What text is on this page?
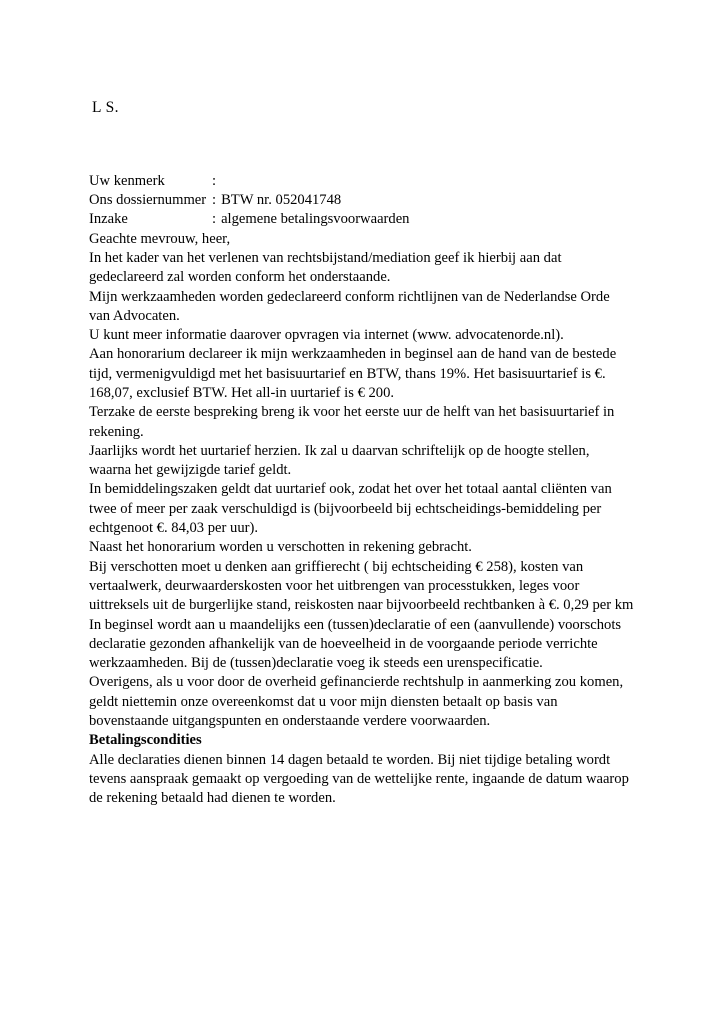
L S.
Uw kenmerk	:
Ons dossiernummer : BTW nr. 052041748
Inzake	: algemene betalingsvoorwaarden

Geachte mevrouw, heer,

In het kader van het verlenen van rechtsbijstand/mediation geef ik hierbij aan dat gedeclareerd zal worden conform het onderstaande.

Mijn werkzaamheden worden gedeclareerd conform richtlijnen van de Nederlandse Orde van Advocaten.
U kunt meer informatie daarover opvragen via internet (www. advocatenorde.nl).

Aan honorarium declareer ik mijn werkzaamheden in beginsel aan de hand van de bestede tijd, vermenigvuldigd met het basisuurtarief en BTW, thans 19%. Het basisuurtarief is €. 168,07, exclusief BTW. Het all-in uurtarief is € 200.
Terzake de eerste bespreking breng ik voor het eerste uur de helft van het basisuurtarief in rekening.

Jaarlijks wordt het uurtarief herzien. Ik zal u daarvan schriftelijk op de hoogte stellen, waarna het gewijzigde tarief geldt.
In bemiddelingszaken geldt dat uurtarief ook, zodat het over het totaal aantal cliënten van twee of meer per zaak verschuldigd is (bijvoorbeeld bij echtscheidings-bemiddeling per echtgenoot €. 84,03 per uur).

Naast het honorarium worden u verschotten in rekening gebracht.
Bij verschotten moet u denken aan griffierecht ( bij echtscheiding € 258), kosten van vertaalwerk, deurwaarderskosten voor het uitbrengen van processtukken, leges voor uittreksels uit de burgerlijke stand, reiskosten naar bijvoorbeeld rechtbanken à €. 0,29 per km
In beginsel wordt aan u maandelijks een (tussen)declaratie of een (aanvullende) voorschots declaratie gezonden afhankelijk van de hoeveelheid in de voorgaande periode verrichte werkzaamheden. Bij de (tussen)declaratie voeg ik steeds een urenspecificatie.

Overigens, als u voor door de overheid gefinancierde rechtshulp in aanmerking zou komen, geldt niettemin onze overeenkomst dat u voor mijn diensten betaalt op basis van bovenstaande uitgangspunten en onderstaande verdere voorwaarden.

Betalingscondities

Alle declaraties dienen binnen 14 dagen betaald te worden. Bij niet tijdige betaling wordt tevens aanspraak gemaakt op vergoeding van de wettelijke rente, ingaande de datum waarop de rekening betaald had dienen te worden.
